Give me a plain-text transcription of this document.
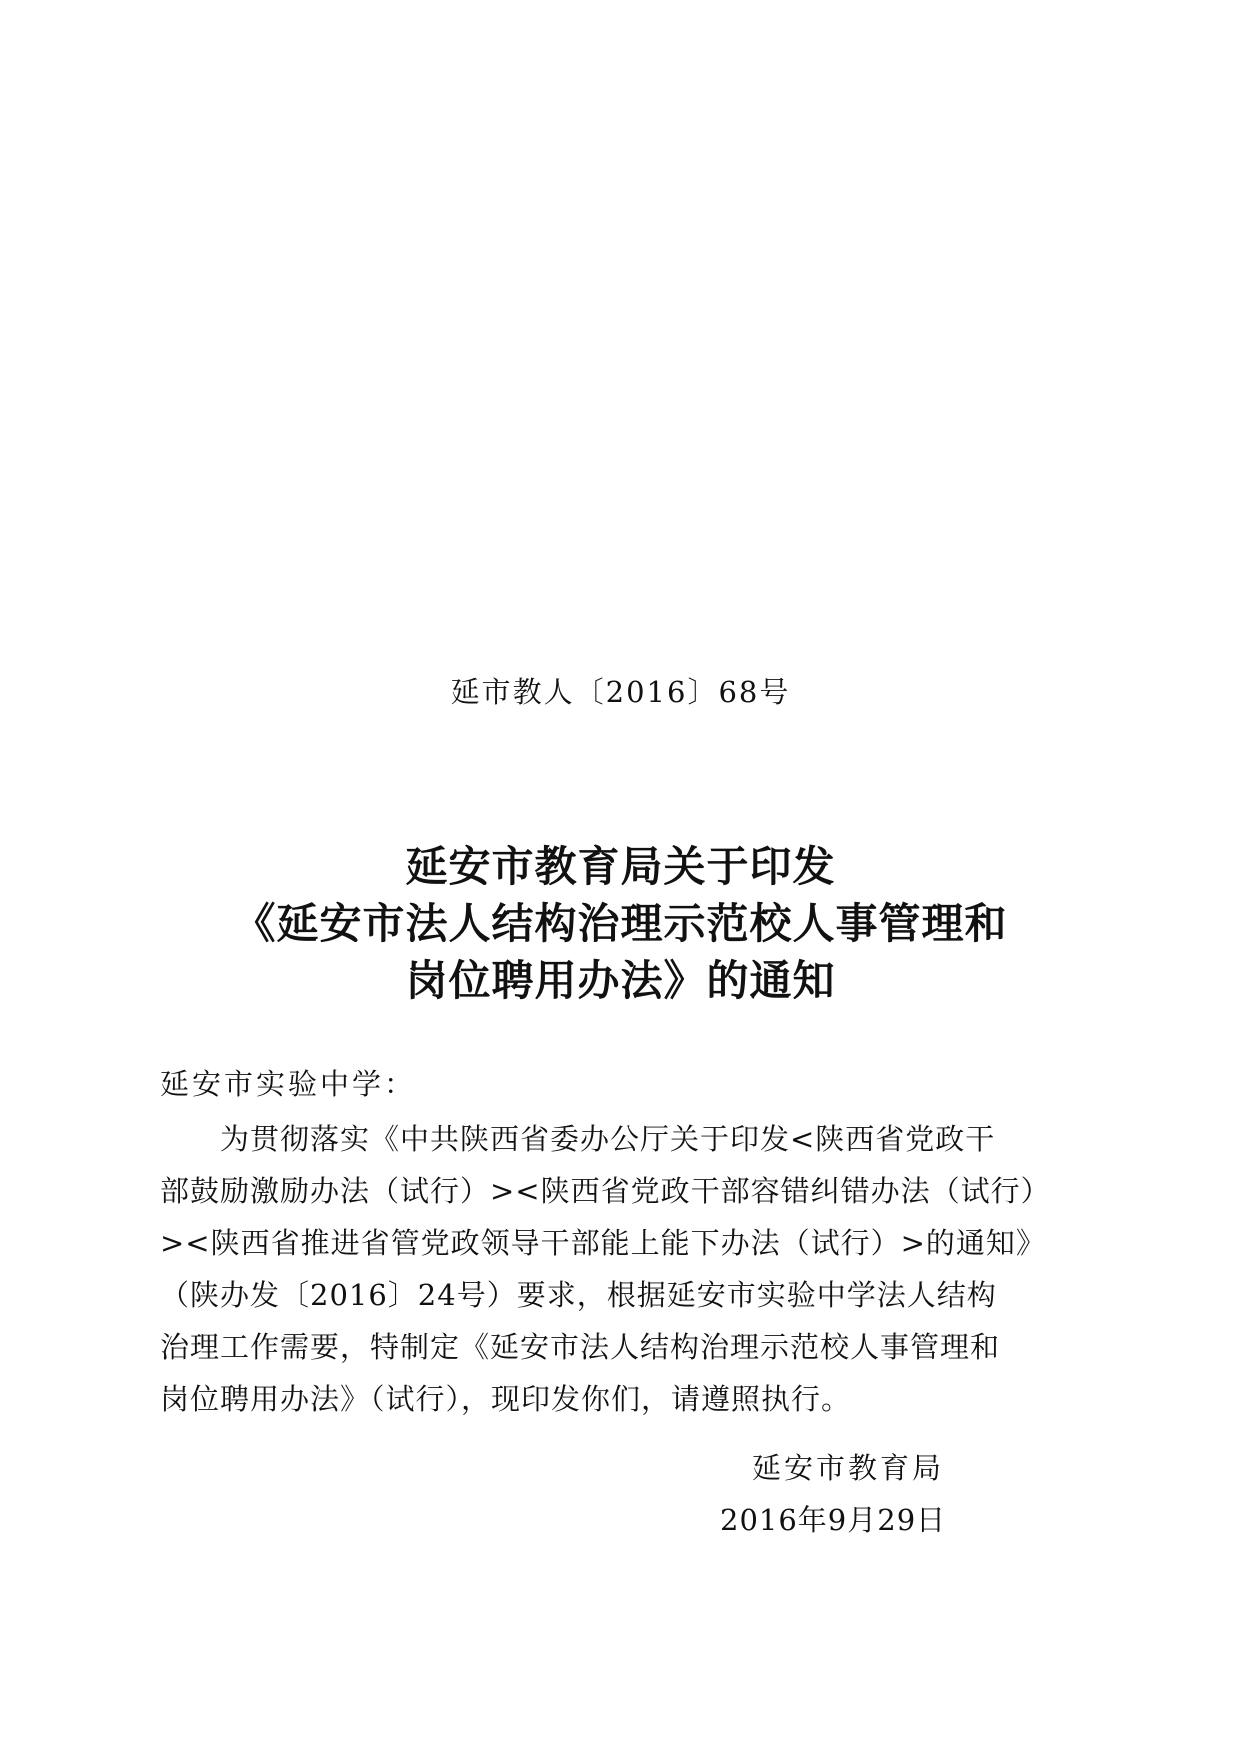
延市教人〔2016〕68号
延安市教育局关于印发
《延安市法人结构治理示范校人事管理和
岗位聘用办法》的通知
延安市实验中学：
　　为贯彻落实《中共陕西省委办公厅关于印发<陕西省党政干
部鼓励激励办法（试行）><陕西省党政干部容错纠错办法（试行）
><陕西省推进省管党政领导干部能上能下办法（试行）>的通知》
（陕办发〔2016〕24号）要求，根据延安市实验中学法人结构
治理工作需要，特制定《延安市法人结构治理示范校人事管理和
岗位聘用办法》（试行），现印发你们，请遵照执行。
延安市教育局
2016年9月29日
